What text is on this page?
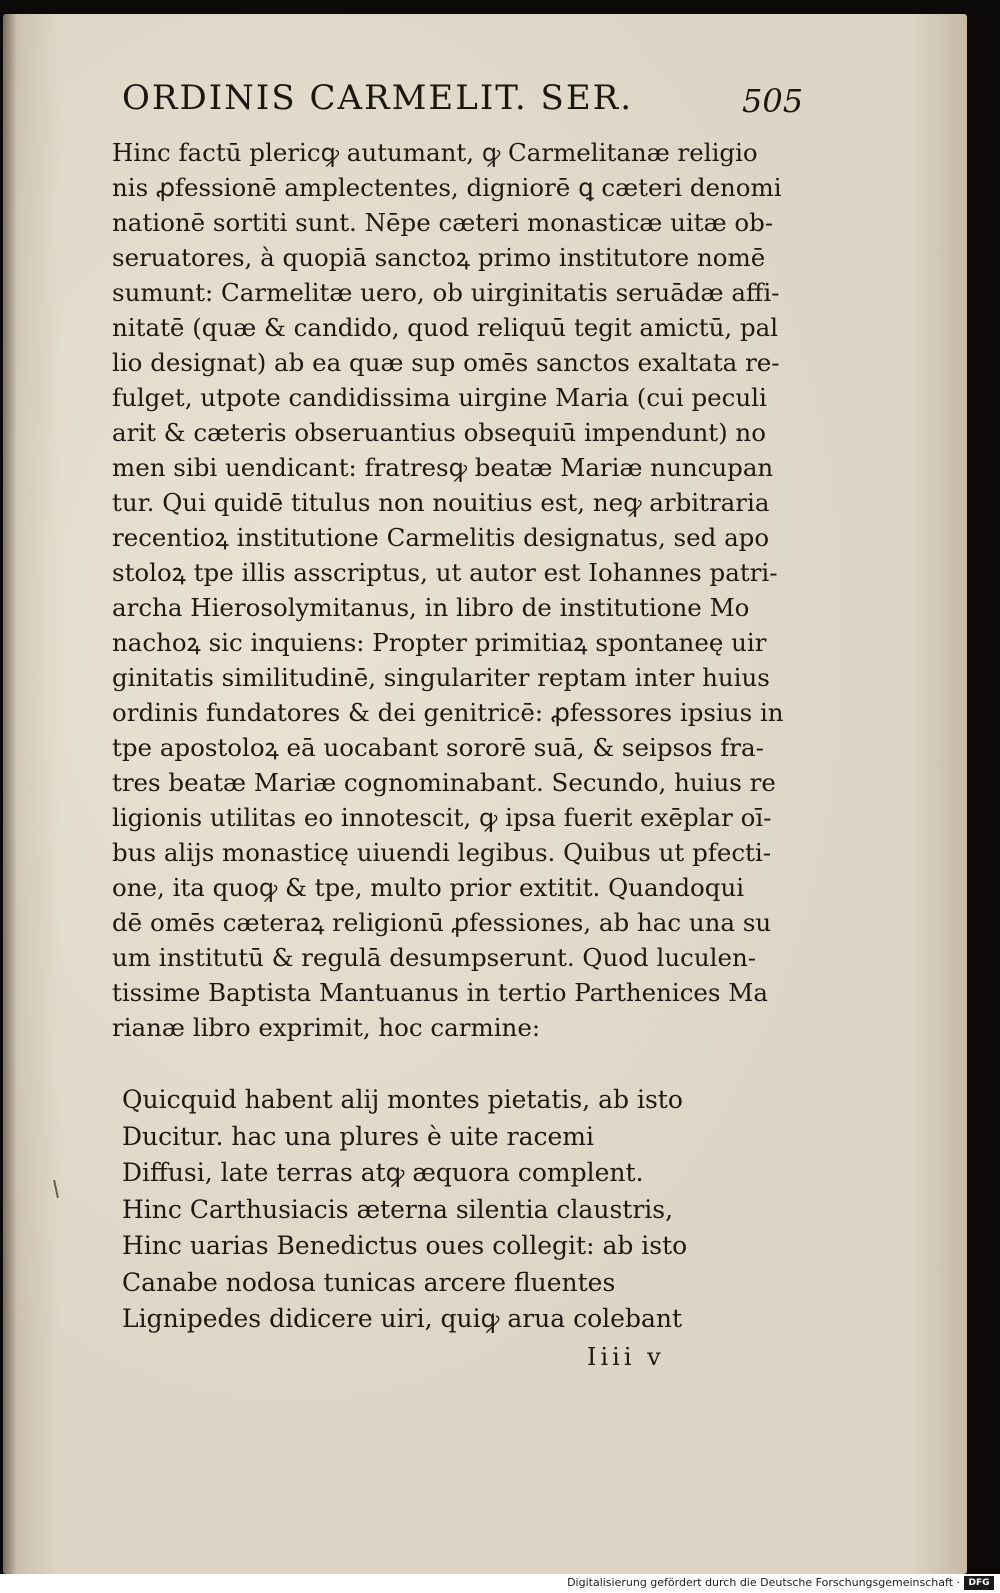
ORDINIS CARMELIT. SER.	505
Hinc factū plericꝙ autumant, ꝙ Carmelitanæ religio
nis ꝓfessionē amplectentes, digniorē ꝗ cæteri denomi
nationē sortiti sunt. Nēpe cæteri monasticæ uitæ ob-
seruatores, à quopiā sanctoꝝ primo institutore nomē
sumunt: Carmelitæ uero, ob uirginitatis seruādæ affi-
nitatē (quæ & candido, quod reliquū tegit amictū, pal
lio designat) ab ea quæ sup omēs sanctos exaltata re-
fulget, utpote candidissima uirgine Maria (cui peculi
arit & cæteris obseruantius obsequiū impendunt) no
men sibi uendicant: fratresꝙ beatæ Mariæ nuncupan
tur. Qui quidē titulus non nouitius est, neꝙ arbitraria
recentioꝝ institutione Carmelitis designatus, sed apo
stoloꝝ tpe illis asscriptus, ut autor est Iohannes patri-
archa Hierosolymitanus, in libro de institutione Mo
nachoꝝ sic inquiens: Propter primitiaꝝ spontaneę uir
ginitatis similitudinē, singulariter reptam inter huius
ordinis fundatores & dei genitricē: ꝓfessores ipsius in
tpe apostoloꝝ eā uocabant sororē suā, & seipsos fra-
tres beatæ Mariæ cognominabant. Secundo, huius re
ligionis utilitas eo innotescit, ꝙ ipsa fuerit exēplar oī-
bus alijs monasticę uiuendi legibus. Quibus ut pfecti-
one, ita quoꝙ & tpe, multo prior extitit. Quandoqui
dē omēs cæteraꝝ religionū ꝓfessiones, ab hac una su
um institutū & regulā desumpserunt. Quod luculen-
tissime Baptista Mantuanus in tertio Parthenices Ma
rianæ libro exprimit, hoc carmine:
Quicquid habent alij montes pietatis, ab isto
Ducitur. hac una plures è uite racemi
Diffusi, late terras atꝙ æquora complent.
Hinc Carthusiacis æterna silentia claustris,
Hinc uarias Benedictus oues collegit: ab isto
Canabe nodosa tunicas arcere fluentes
Lignipedes didicere uiri, quiꝙ arua colebant
Iiii v
Digitalisierung gefördert durch die Deutsche Forschungsgemeinschaft · DFG
